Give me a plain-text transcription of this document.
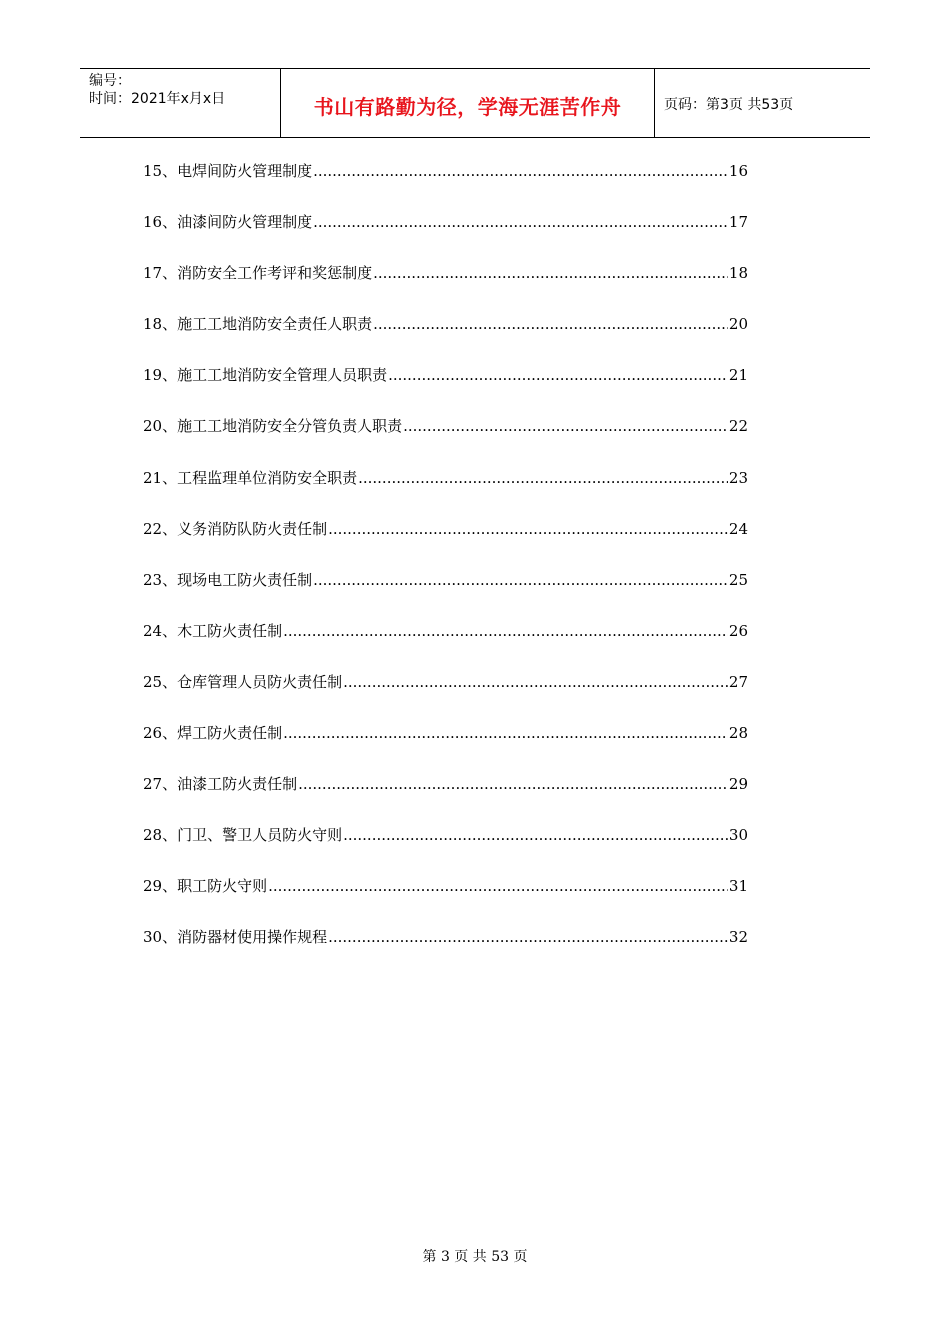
编号：
时间：2021年x月x日	书山有路勤为径，学海无涯苦作舟	页码：第3页 共53页
15、电焊间防火管理制度 .....	16
16、油漆间防火管理制度 .....	17
17、消防安全工作考评和奖惩制度 .....	18
18、施工工地消防安全责任人职责 .....	20
19、施工工地消防安全管理人员职责 .....	21
20、施工工地消防安全分管负责人职责 .....	22
21、工程监理单位消防安全职责 .....	23
22、义务消防队防火责任制 .....	24
23、现场电工防火责任制 .....	25
24、木工防火责任制 .....	26
25、仓库管理人员防火责任制 .....	27
26、焊工防火责任制 .....	28
27、油漆工防火责任制 .....	29
28、门卫、警卫人员防火守则 .....	30
29、职工防火守则 .....	31
30、消防器材使用操作规程 .....	32
第 3 页 共 53 页
